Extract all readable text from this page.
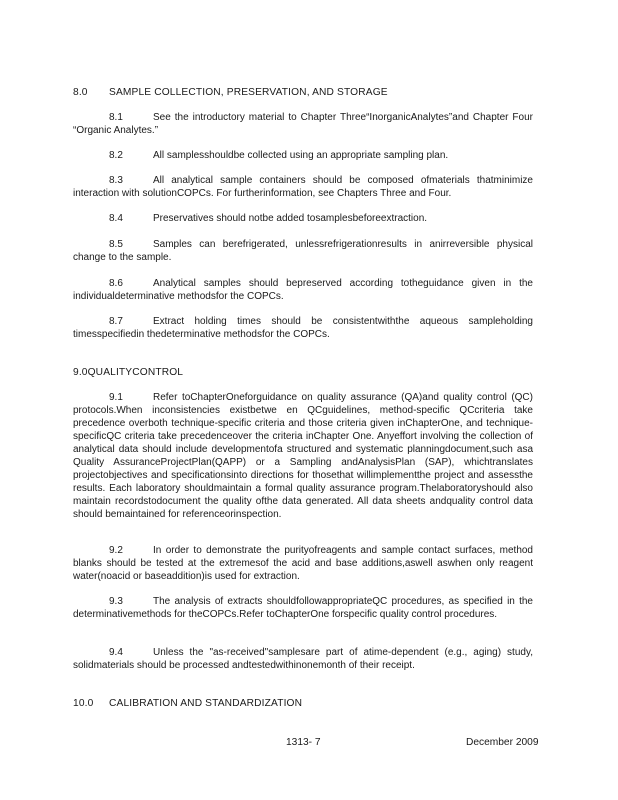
8.0 SAMPLE COLLECTION, PRESERVATION, AND STORAGE
8.1	See the introductory material to Chapter Three“InorganicAnalytes”and Chapter Four “Organic Analytes.”
8.2	All samplesshouldbe collected using an appropriate sampling plan.
8.3	All analytical sample containers should be composed ofmaterials thatminimize interaction with solutionCOPCs. For furtherinformation, see Chapters Three and Four.
8.4	Preservatives should notbe added tosamplesbeforeextraction.
8.5	Samples can berefrigerated, unlessrefrigerationresults in anirreversible physical change to the sample.
8.6	Analytical samples should bepreserved according totheguidance given in the individualdeterminative methodsfor the COPCs.
8.7	Extract holding times should be consistentwiththe aqueous sampleholding timesspecifiedin thedeterminative methodsfor the COPCs.
9.0QUALITYCONTROL
9.1	Refer toChapterOneforguidance on quality assurance (QA)and quality control (QC) protocols.When inconsistencies existbetwe en QCguidelines, method-specific QCcriteria take precedence overboth technique-specific criteria and those criteria given inChapterOne, and technique-specificQC criteria take precedenceover the criteria inChapter One. Anyeffort involving the collection of analytical data should include developmentofa structured and systematic planningdocument,such asa Quality AssuranceProjectPlan(QAPP) or a Sampling andAnalysisPlan (SAP), whichtranslates projectobjectives and specificationsinto directions for thosethat willimplementthe project and assessthe results. Each laboratory shouldmaintain a formal quality assurance program.Thelaboratoryshould also maintain recordstodocument the quality ofthe data generated. All data sheets andquality control data should bemaintained for referenceorinspection.
9.2	In order to demonstrate the purityofreagents and sample contact surfaces, method blanks should be tested at the extremesof the acid and base additions,aswell aswhen only reagent water(noacid or baseaddition)is used for extraction.
9.3	The analysis of extracts shouldfollowappropriateQC procedures, as specified in the determinativemethods for theCOPCs.Refer toChapterOne forspecific quality control procedures.
9.4	Unless the "as-received"samplesare part of atime-dependent (e.g., aging) study, solidmaterials should be processed andtestedwithinonemonth of their receipt.
10.0 CALIBRATION AND STANDARDIZATION
1313- 7	December 2009
